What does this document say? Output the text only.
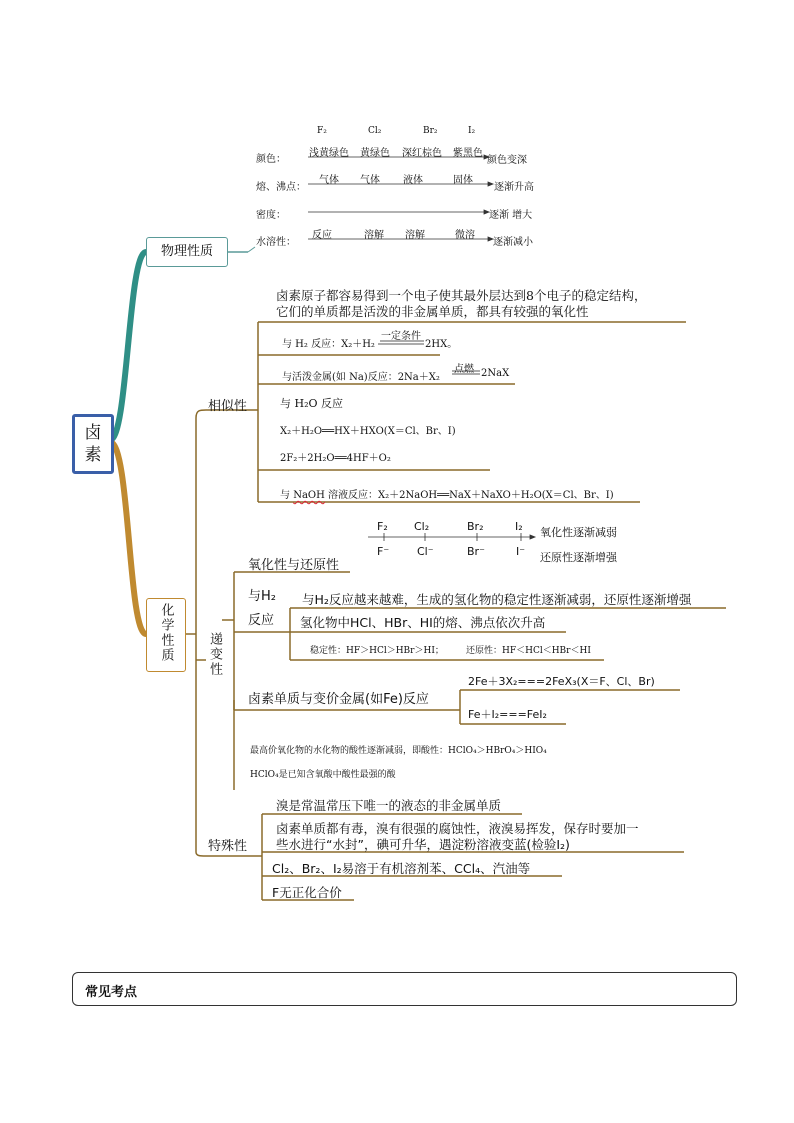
卤素
物理性质
F₂	Cl₂	Br₂	I₂
颜色：
浅黄绿色 黄绿色 深红棕色 紫黑色
颜色变深
熔、沸点：
气体 气体 液体	固体
逐渐升高
密度：	逐渐 增大
水溶性：
反应	溶解 溶解	微溶
逐渐减小
化学性质
相似性
卤素原子都容易得到一个电子使其最外层达到8个电子的稳定结构，
它们的单质都是活泼的非金属单质，都具有较强的氧化性
与 H₂ 反应：X₂＋H₂
一定条件
2HX。
与活泼金属(如 Na)反应：2Na＋X₂
点燃 2NaX
与 H₂O 反应
X₂＋H₂O══HX＋HXO(X＝Cl、Br、I)
2F₂＋2H₂O══4HF＋O₂
与 NaOH 溶液反应：X₂＋2NaOH══NaX＋NaXO＋H₂O(X＝Cl、Br、I)
递变性
氧化性与还原性
F₂ Cl₂	Br₂	I₂
F⁻	Cl⁻	Br⁻	I⁻
氧化性逐渐减弱
还原性逐渐增强
与H₂
反应
与H₂反应越来越难，生成的氢化物的稳定性逐渐减弱，还原性逐渐增强
氢化物中HCl、HBr、HI的熔、沸点依次升高
稳定性：HF＞HCl＞HBr＞HI； 还原性：HF＜HCl＜HBr＜HI
卤素单质与变价金属(如Fe)反应
2Fe＋3X₂===2FeX₃(X＝F、Cl、Br)
Fe＋I₂===FeI₂
最高价氧化物的水化物的酸性逐渐减弱，即酸性：HClO₄＞HBrO₄＞HIO₄
HClO₄是已知含氧酸中酸性最强的酸
特殊性
溴是常温常压下唯一的液态的非金属单质
卤素单质都有毒，溴有很强的腐蚀性，液溴易挥发，保存时要加一
些水进行“水封”，碘可升华，遇淀粉溶液变蓝(检验I₂)
Cl₂、Br₂、I₂易溶于有机溶剂苯、CCl₄、汽油等
F无正化合价
常见考点
